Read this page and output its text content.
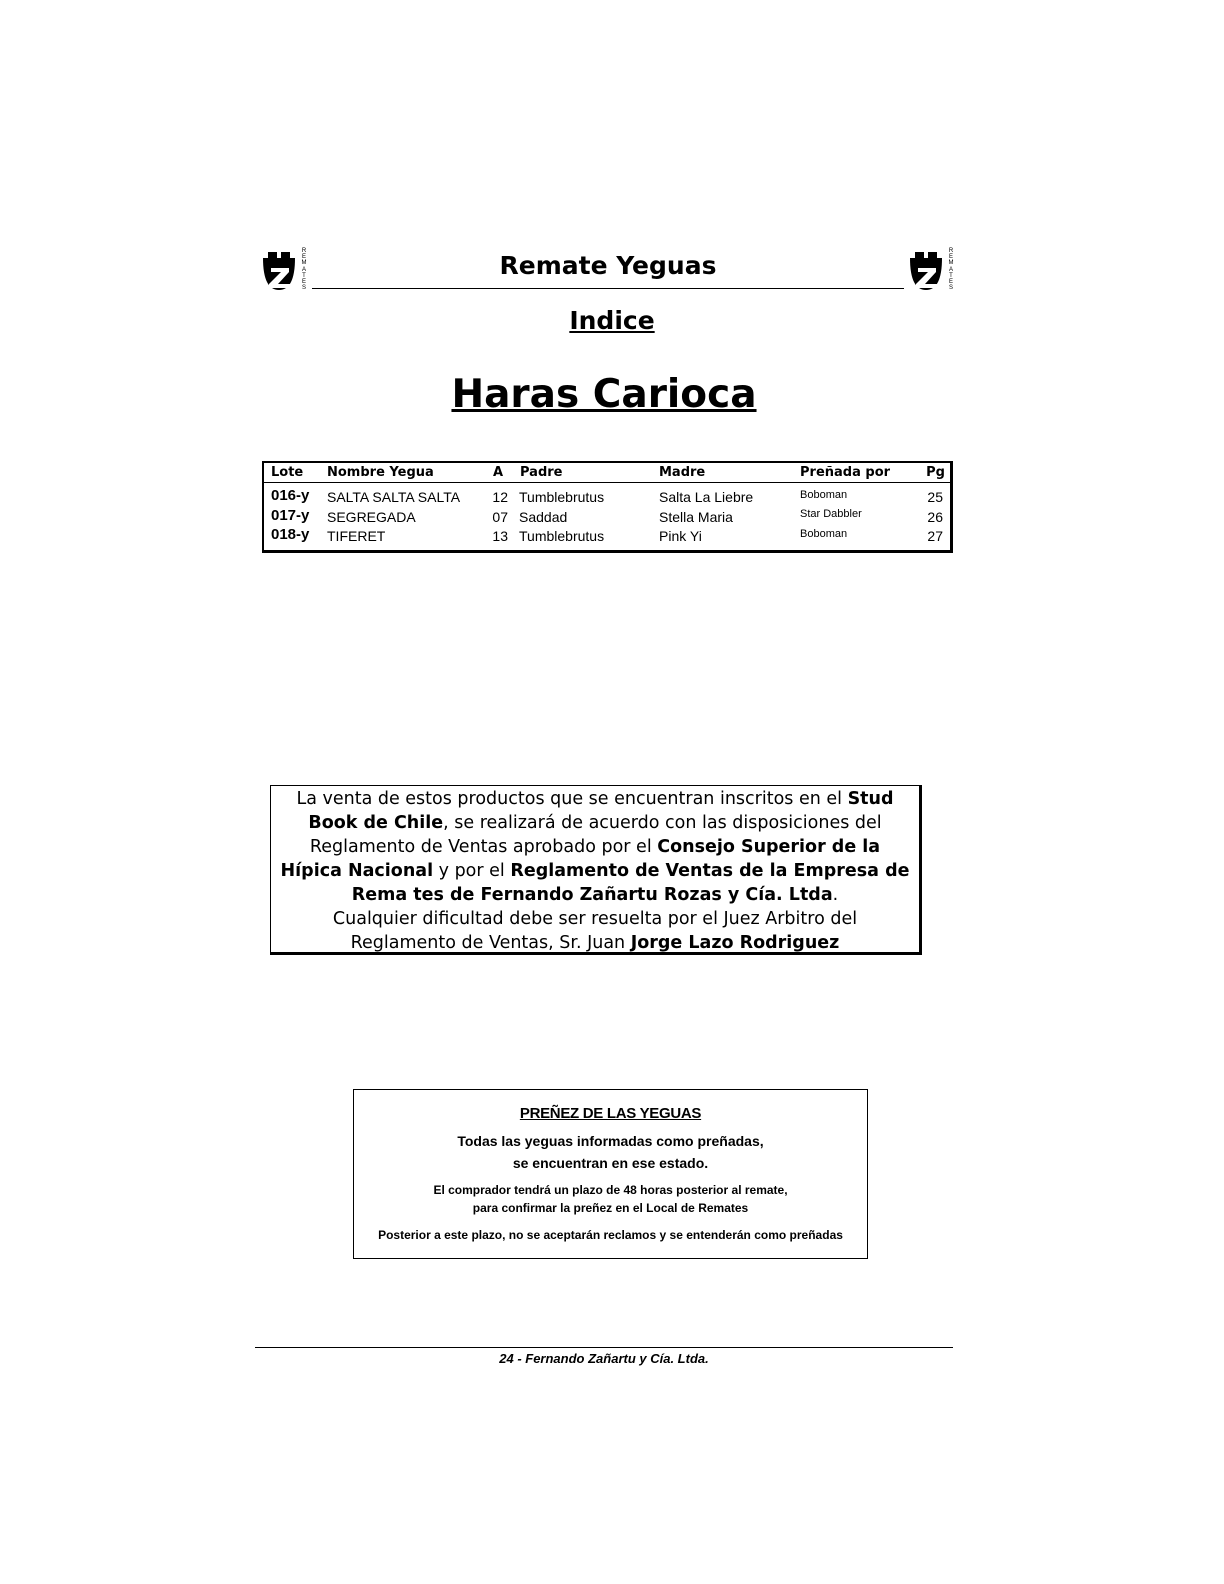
R
E
M
A
T
E
S
R
E
M
A
T
E
S
Remate Yeguas
Indice
Haras Carioca
Lote Nombre Yegua	A Padre	Madre	Preñada por	Pg
016-y SALTA SALTA SALTA	12 Tumblebrutus	Salta La Liebre	Boboman	25
017-y SEGREGADA	07 Saddad	Stella Maria	Star Dabbler	26
018-y TIFERET	13 Tumblebrutus	Pink Yi	Boboman	27

La venta de estos productos que se encuentran inscritos en el Stud

Book de Chile, se realizará de acuerdo con las disposiciones del

Reglamento de Ventas aprobado por el Consejo Superior de la

Hípica Nacional y por el Reglamento de Ventas de la Empresa de

Rema tes de Fernando Zañartu Rozas y Cía. Ltda.

Cualquier dificultad debe ser resuelta por el Juez Arbitro del

Reglamento de Ventas, Sr. Juan Jorge Lazo Rodriguez

PREÑEZ DE LAS YEGUAS
Todas las yeguas informadas como preñadas,
se encuentran en ese estado.
El comprador tendrá un plazo de 48 horas posterior al remate,
para confirmar la preñez en el Local de Remates
Posterior a este plazo, no se aceptarán reclamos y se entenderán como preñadas
24 - Fernando Zañartu y Cía. Ltda.
